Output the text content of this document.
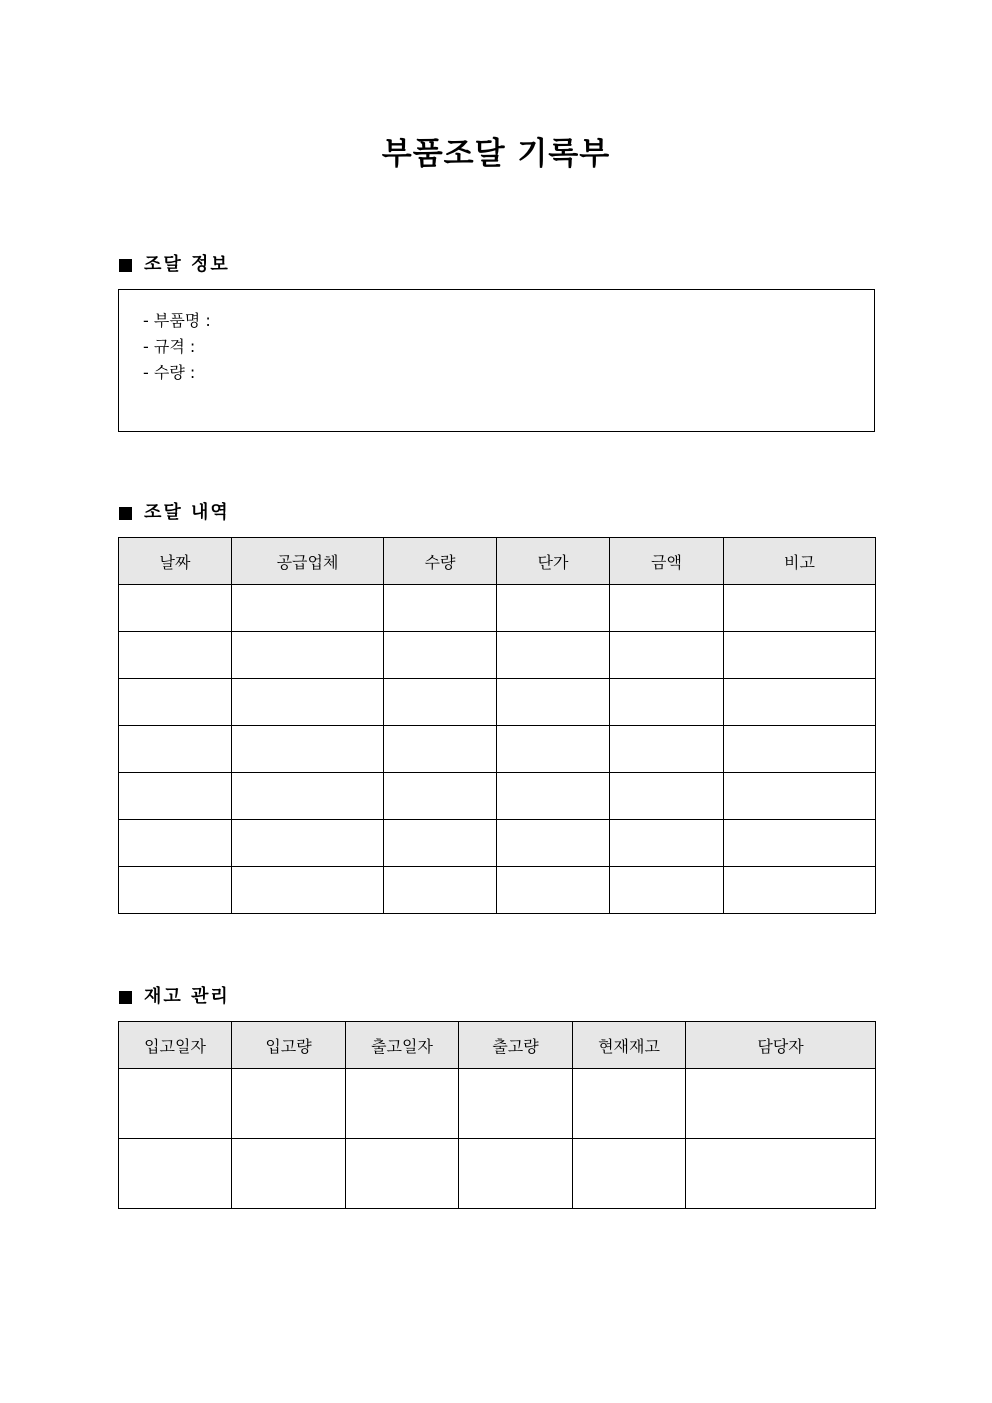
부품조달 기록부
조달 정보
- 부품명 :
- 규격 :
- 수량 :
조달 내역
날짜	공급업체	수량	단가	금액	비고

재고 관리
입고일자	입고량	출고일자	출고량	현재재고	담당자
